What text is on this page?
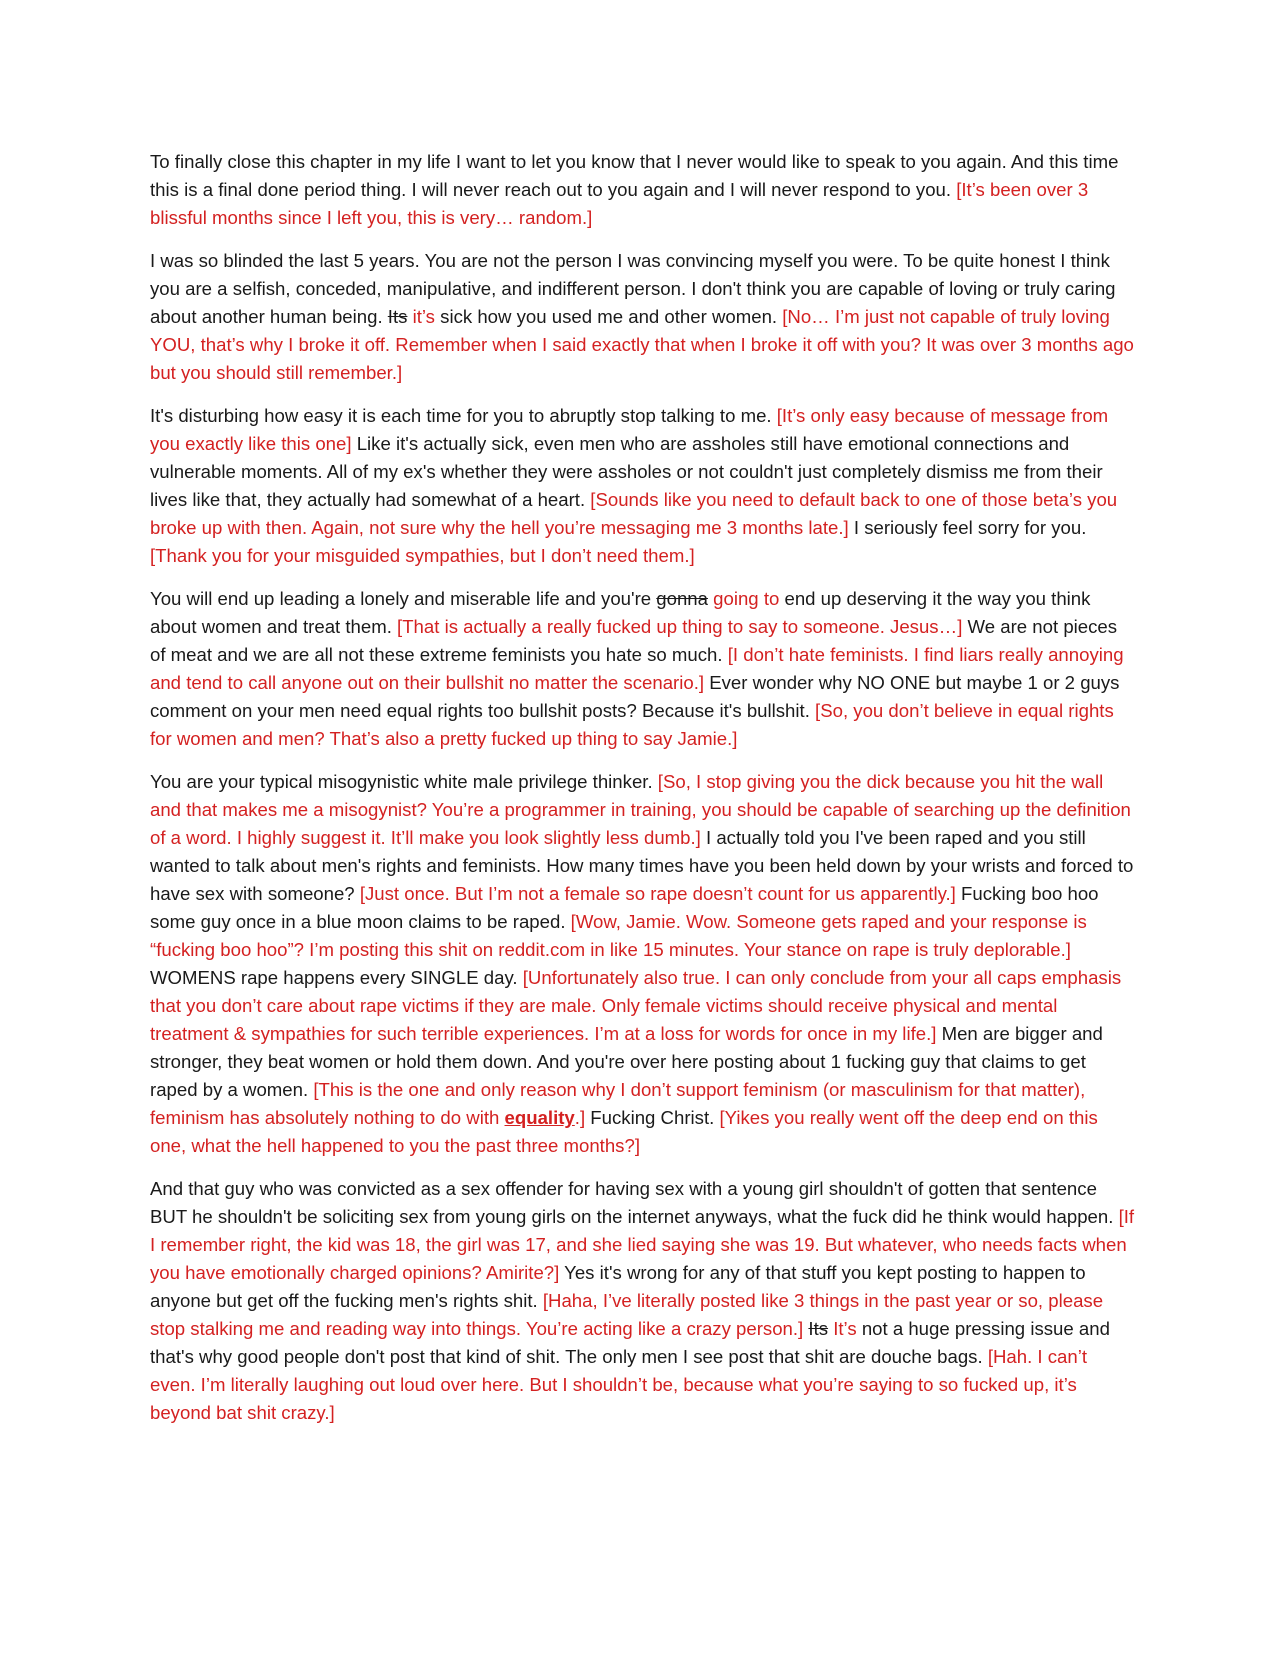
To finally close this chapter in my life I want to let you know that I never would like to speak to you again. And this time this is a final done period thing. I will never reach out to you again and I will never respond to you. [It’s been over 3 blissful months since I left you, this is very… random.]

I was so blinded the last 5 years. You are not the person I was convincing myself you were. To be quite honest I think you are a selfish, conceded, manipulative, and indifferent person. I don't think you are capable of loving or truly caring about another human being. Its it’s sick how you used me and other women. [No… I’m just not capable of truly loving YOU, that’s why I broke it off. Remember when I said exactly that when I broke it off with you? It was over 3 months ago but you should still remember.]

It's disturbing how easy it is each time for you to abruptly stop talking to me. [It’s only easy because of message from you exactly like this one] Like it's actually sick, even men who are assholes still have emotional connections and vulnerable moments. All of my ex's whether they were assholes or not couldn't just completely dismiss me from their lives like that, they actually had somewhat of a heart. [Sounds like you need to default back to one of those beta’s you broke up with then. Again, not sure why the hell you’re messaging me 3 months late.] I seriously feel sorry for you. [Thank you for your misguided sympathies, but I don’t need them.]

You will end up leading a lonely and miserable life and you're gonna going to end up deserving it the way you think about women and treat them. [That is actually a really fucked up thing to say to someone. Jesus…] We are not pieces of meat and we are all not these extreme feminists you hate so much. [I don’t hate feminists. I find liars really annoying and tend to call anyone out on their bullshit no matter the scenario.] Ever wonder why NO ONE but maybe 1 or 2 guys comment on your men need equal rights too bullshit posts? Because it's bullshit. [So, you don’t believe in equal rights for women and men? That’s also a pretty fucked up thing to say Jamie.]

You are your typical misogynistic white male privilege thinker. [So, I stop giving you the dick because you hit the wall and that makes me a misogynist? You’re a programmer in training, you should be capable of searching up the definition of a word. I highly suggest it. It’ll make you look slightly less dumb.] I actually told you I've been raped and you still wanted to talk about men's rights and feminists. How many times have you been held down by your wrists and forced to have sex with someone? [Just once. But I’m not a female so rape doesn’t count for us apparently.] Fucking boo hoo some guy once in a blue moon claims to be raped. [Wow, Jamie. Wow. Someone gets raped and your response is “fucking boo hoo”? I’m posting this shit on reddit.com in like 15 minutes. Your stance on rape is truly deplorable.] WOMENS rape happens every SINGLE day. [Unfortunately also true. I can only conclude from your all caps emphasis that you don’t care about rape victims if they are male. Only female victims should receive physical and mental treatment & sympathies for such terrible experiences. I’m at a loss for words for once in my life.] Men are bigger and stronger, they beat women or hold them down. And you're over here posting about 1 fucking guy that claims to get raped by a women. [This is the one and only reason why I don’t support feminism (or masculinism for that matter), feminism has absolutely nothing to do with equality.] Fucking Christ. [Yikes you really went off the deep end on this one, what the hell happened to you the past three months?]

And that guy who was convicted as a sex offender for having sex with a young girl shouldn't of gotten that sentence BUT he shouldn't be soliciting sex from young girls on the internet anyways, what the fuck did he think would happen. [If I remember right, the kid was 18, the girl was 17, and she lied saying she was 19. But whatever, who needs facts when you have emotionally charged opinions? Amirite?] Yes it's wrong for any of that stuff you kept posting to happen to anyone but get off the fucking men's rights shit. [Haha, I’ve literally posted like 3 things in the past year or so, please stop stalking me and reading way into things. You’re acting like a crazy person.] Its It’s not a huge pressing issue and that's why good people don't post that kind of shit. The only men I see post that shit are douche bags. [Hah. I can’t even. I’m literally laughing out loud over here. But I shouldn’t be, because what you’re saying to so fucked up, it’s beyond bat shit crazy.]
